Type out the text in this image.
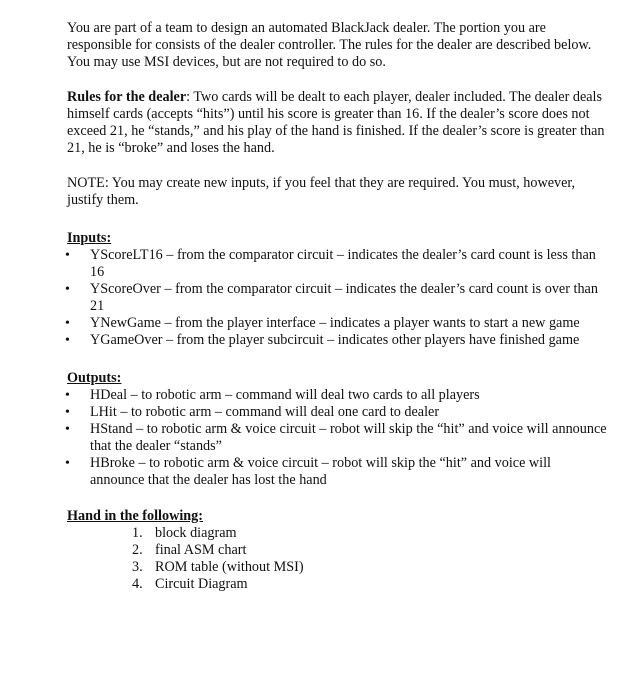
You are part of a team to design an automated BlackJack dealer. The portion you are responsible for consists of the dealer controller. The rules for the dealer are described below. You may use MSI devices, but are not required to do so.

Rules for the dealer: Two cards will be dealt to each player, dealer included. The dealer deals himself cards (accepts “hits”) until his score is greater than 16. If the dealer’s score does not exceed 21, he “stands,” and his play of the hand is finished. If the dealer’s score is greater than 21, he is “broke” and loses the hand.

NOTE: You may create new inputs, if you feel that they are required. You must, however, justify them.

Inputs:
• YScoreLT16 – from the comparator circuit – indicates the dealer’s card count is less than 16
• YScoreOver – from the comparator circuit – indicates the dealer’s card count is over than 21
• YNewGame – from the player interface – indicates a player wants to start a new game
• YGameOver – from the player subcircuit – indicates other players have finished game
Outputs:
• HDeal – to robotic arm – command will deal two cards to all players
• LHit – to robotic arm – command will deal one card to dealer
• HStand – to robotic arm & voice circuit – robot will skip the “hit” and voice will announce that the dealer “stands”
• HBroke – to robotic arm & voice circuit – robot will skip the “hit” and voice will announce that the dealer has lost the hand
Hand in the following:
1. block diagram
2. final ASM chart
3. ROM table (without MSI)
4. Circuit Diagram
